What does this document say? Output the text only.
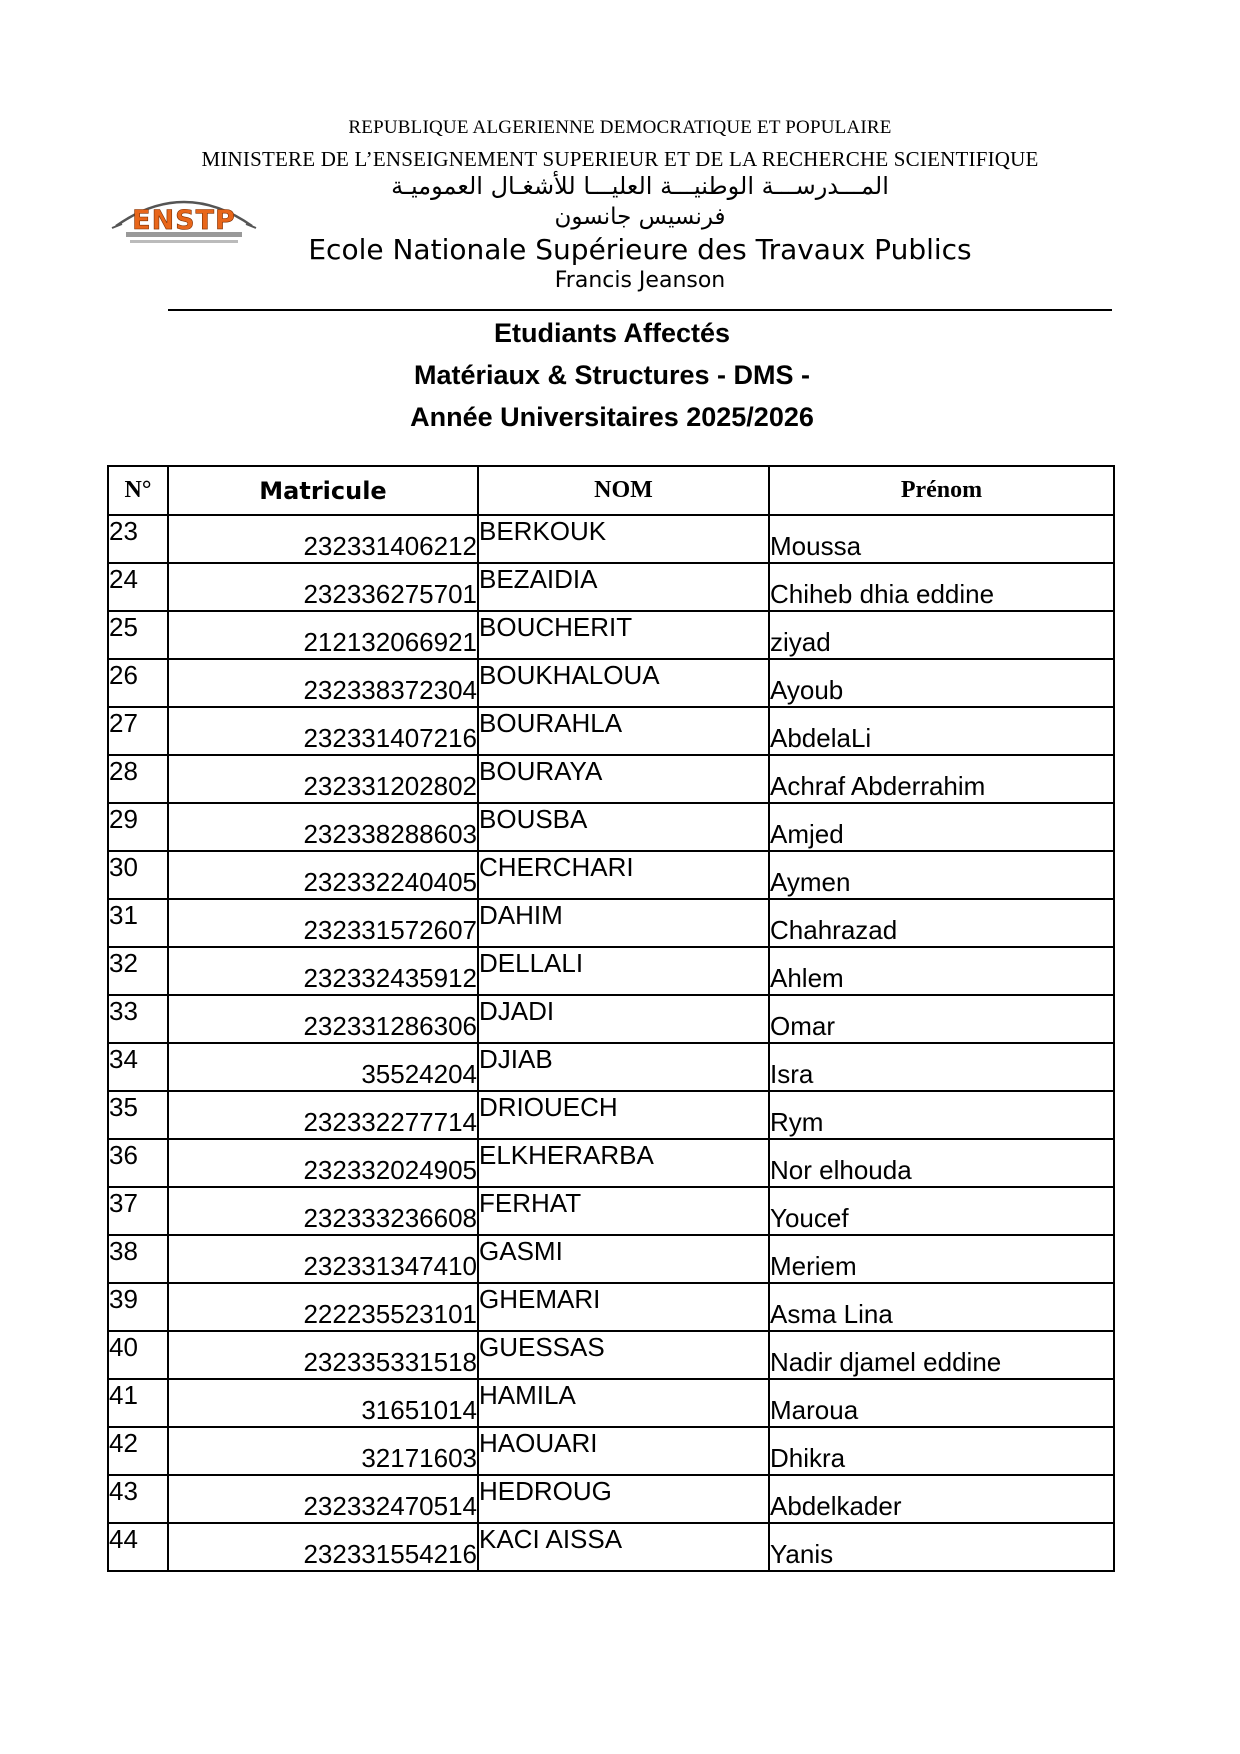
REPUBLIQUE ALGERIENNE DEMOCRATIQUE ET POPULAIRE
MINISTERE DE L’ENSEIGNEMENT SUPERIEUR ET DE LA RECHERCHE SCIENTIFIQUE
المـــدرســـة الوطنيـــة العليـــا للأشغـال العموميـة
فرنسيس جانسون
Ecole Nationale Supérieure des Travaux Publics
Francis Jeanson
ENSTP
Etudiants Affectés
Matériaux & Structures - DMS -
Année Universitaires 2025/2026
N°	Matricule	NOM	Prénom
23	232331406212	BERKOUK	Moussa
24	232336275701	BEZAIDIA	Chiheb dhia eddine
25	212132066921	BOUCHERIT	ziyad
26	232338372304	BOUKHALOUA	Ayoub
27	232331407216	BOURAHLA	AbdelaLi
28	232331202802	BOURAYA	Achraf Abderrahim
29	232338288603	BOUSBA	Amjed
30	232332240405	CHERCHARI	Aymen
31	232331572607	DAHIM	Chahrazad
32	232332435912	DELLALI	Ahlem
33	232331286306	DJADI	Omar
34	35524204	DJIAB	Isra
35	232332277714	DRIOUECH	Rym
36	232332024905	ELKHERARBA	Nor elhouda
37	232333236608	FERHAT	Youcef
38	232331347410	GASMI	Meriem
39	222235523101	GHEMARI	Asma Lina
40	232335331518	GUESSAS	Nadir djamel eddine
41	31651014	HAMILA	Maroua
42	32171603	HAOUARI	Dhikra
43	232332470514	HEDROUG	Abdelkader
44	232331554216	KACI AISSA	Yanis
